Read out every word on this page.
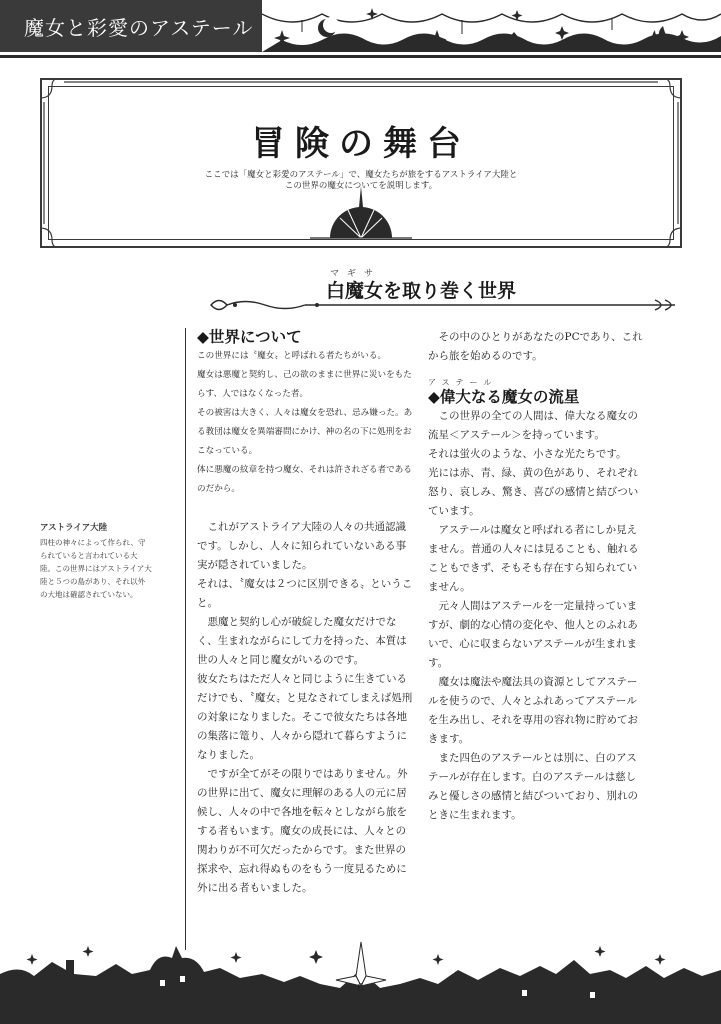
魔女と彩愛のアステール
冒険の舞台
ここでは「魔女と彩愛のアステール」で、魔女たちが旅をするアストライア大陸と
この世界の魔女についてを説明します。
マギサ
白魔女を取り巻く世界

アストライア大陸

四柱の神々によって作られ、守られていると言われている大陸。この世界にはアストライア大陸と５つの島があり、それ以外の大地は確認されていない。

◆世界について

この世界には〝魔女〟と呼ばれる者たちがいる。

魔女は悪魔と契約し、己の欲のままに世界に災いをもたらす、人ではなくなった者。

その被害は大きく、人々は魔女を恐れ、忌み嫌った。ある教団は魔女を異端審問にかけ、神の名の下に処刑をおこなっている。

体に悪魔の紋章を持つ魔女、それは許されざる者であるのだから。

これがアストライア大陸の人々の共通認識です。しかし、人々に知られていないある事実が隠されていました。

それは、〝魔女は２つに区別できる〟ということ。

悪魔と契約し心が破綻した魔女だけでなく、生まれながらにして力を持った、本質は世の人々と同じ魔女がいるのです。

彼女たちはただ人々と同じように生きているだけでも、〝魔女〟と見なされてしまえば処刑の対象になりました。そこで彼女たちは各地の集落に篭り、人々から隠れて暮らすようになりました。

ですが全てがその限りではありません。外の世界に出て、魔女に理解のある人の元に居候し、人々の中で各地を転々としながら旅をする者もいます。魔女の成長には、人々との関わりが不可欠だったからです。また世界の探求や、忘れ得ぬものをもう一度見るために外に出る者もいました。

その中のひとりがあなたのPCであり、これから旅を始めるのです。

アステール

◆偉大なる魔女の流星

この世界の全ての人間は、偉大なる魔女の流星＜アステール＞を持っています。

それは蛍火のような、小さな光たちです。

光には赤、青、緑、黄の色があり、それぞれ怒り、哀しみ、驚き、喜びの感情と結びついています。

アステールは魔女と呼ばれる者にしか見えません。普通の人々には見ることも、触れることもできず、そもそも存在すら知られていません。

元々人間はアステールを一定量持っていますが、劇的な心情の変化や、他人とのふれあいで、心に収まらないアステールが生まれます。

魔女は魔法や魔法具の資源としてアステールを使うので、人々とふれあってアステールを生み出し、それを専用の容れ物に貯めておきます。

また四色のアステールとは別に、白のアステールが存在します。白のアステールは慈しみと優しさの感情と結びついており、別れのときに生まれます。

6
